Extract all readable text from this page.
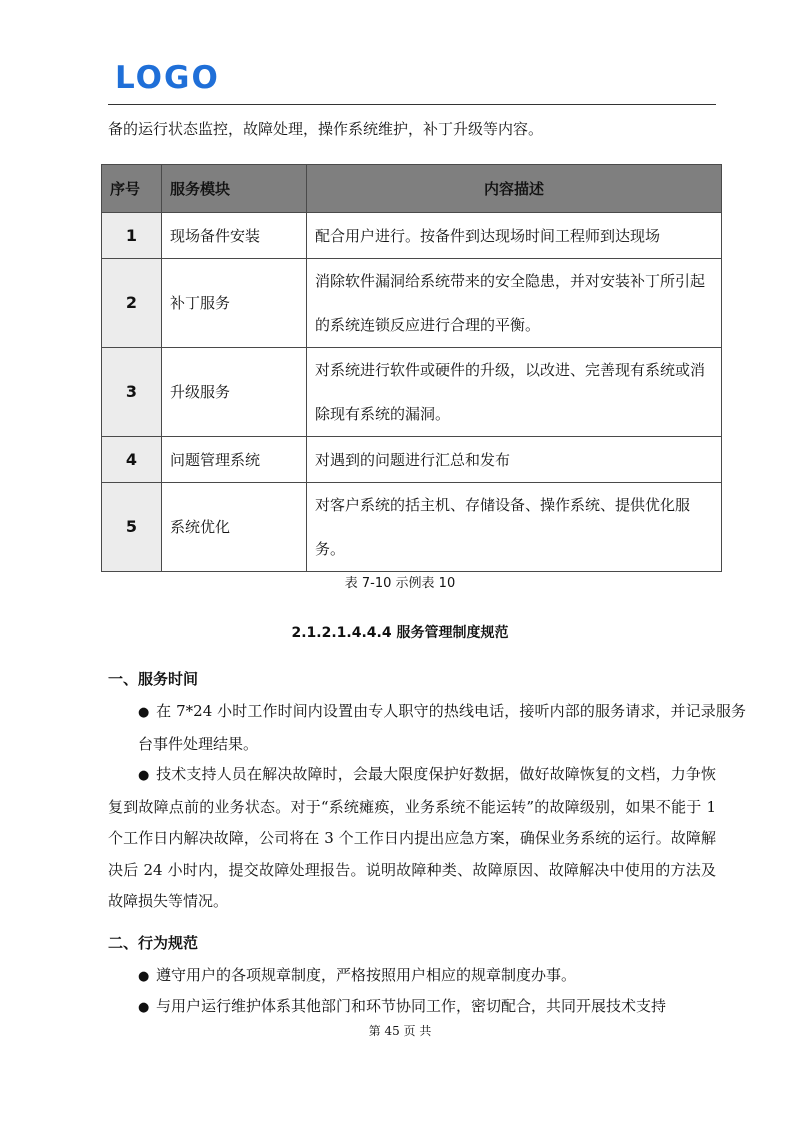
LOGO
备的运行状态监控，故障处理，操作系统维护，补丁升级等内容。
序号	服务模块	内容描述
1	现场备件安装	配合用户进行。按备件到达现场时间工程师到达现场
2	补丁服务	消除软件漏洞给系统带来的安全隐患，并对安装补丁所引起的系统连锁反应进行合理的平衡。
3	升级服务	对系统进行软件或硬件的升级，以改进、完善现有系统或消除现有系统的漏洞。
4	问题管理系统	对遇到的问题进行汇总和发布
5	系统优化	对客户系统的括主机、存储设备、操作系统、提供优化服务。
表 7-10 示例表 10
2.1.2.1.4.4.4 服务管理制度规范
一、服务时间
● 在 7*24 小时工作时间内设置由专人职守的热线电话，接听内部的服务请求，并记录服务台事件处理结果。
● 技术支持人员在解决故障时，会最大限度保护好数据，做好故障恢复的文档，力争恢复到故障点前的业务状态。对于“系统瘫痪，业务系统不能运转”的故障级别，如果不能于 1 个工作日内解决故障，公司将在 3 个工作日内提出应急方案，确保业务系统的运行。故障解决后 24 小时内，提交故障处理报告。说明故障种类、故障原因、故障解决中使用的方法及故障损失等情况。
二、行为规范
● 遵守用户的各项规章制度，严格按照用户相应的规章制度办事。
● 与用户运行维护体系其他部门和环节协同工作，密切配合，共同开展技术支持
第 45 页 共
